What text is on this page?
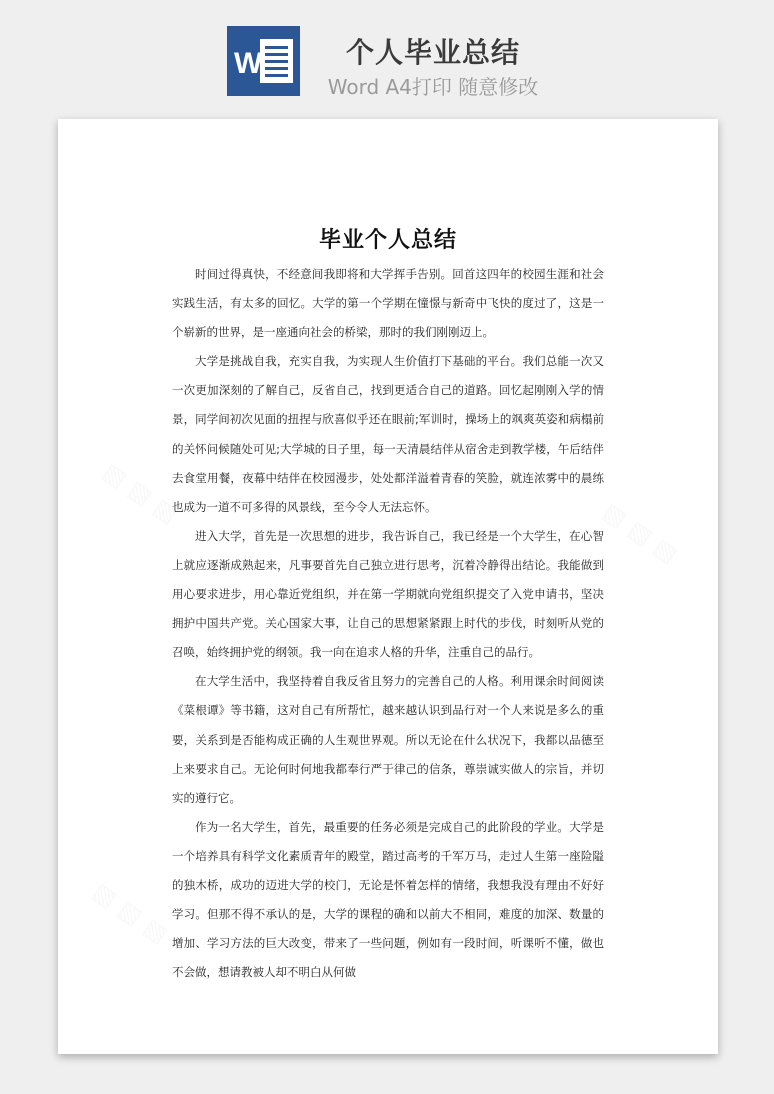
W	个人毕业总结
Word A4打印 随意修改
▧ ▧ ▧
▧ ▧ ▧
▧ ▧ ▧
毕业个人总结

时间过得真快，不经意间我即将和大学挥手告别。回首这四年的校园生涯和社会实践生活，有太多的回忆。大学的第一个学期在憧憬与新奇中飞快的度过了，这是一个崭新的世界，是一座通向社会的桥梁，那时的我们刚刚迈上。

大学是挑战自我，充实自我，为实现人生价值打下基础的平台。我们总能一次又一次更加深刻的了解自己，反省自己，找到更适合自己的道路。回忆起刚刚入学的情景，同学间初次见面的扭捏与欣喜似乎还在眼前;军训时，操场上的飒爽英姿和病榻前的关怀问候随处可见;大学城的日子里，每一天清晨结伴从宿舍走到教学楼，午后结伴去食堂用餐，夜幕中结伴在校园漫步，处处都洋溢着青春的笑脸，就连浓雾中的晨练也成为一道不可多得的风景线，至今令人无法忘怀。

进入大学，首先是一次思想的进步，我告诉自己，我已经是一个大学生，在心智上就应逐渐成熟起来，凡事要首先自己独立进行思考，沉着冷静得出结论。我能做到用心要求进步，用心靠近党组织，并在第一学期就向党组织提交了入党申请书，坚决拥护中国共产党。关心国家大事，让自己的思想紧紧跟上时代的步伐，时刻听从党的召唤，始终拥护党的纲领。我一向在追求人格的升华，注重自己的品行。

在大学生活中，我坚持着自我反省且努力的完善自己的人格。利用课余时间阅读《菜根谭》等书籍，这对自己有所帮忙，越来越认识到品行对一个人来说是多么的重要，关系到是否能构成正确的人生观世界观。所以无论在什么状况下，我都以品德至上来要求自己。无论何时何地我都奉行严于律己的信条，尊崇诚实做人的宗旨，并切实的遵行它。

作为一名大学生，首先，最重要的任务必须是完成自己的此阶段的学业。大学是一个培养具有科学文化素质青年的殿堂，踏过高考的千军万马，走过人生第一座险隘的独木桥，成功的迈进大学的校门，无论是怀着怎样的情绪，我想我没有理由不好好学习。但那不得不承认的是，大学的课程的确和以前大不相同，难度的加深、数量的增加、学习方法的巨大改变，带来了一些问题，例如有一段时间，听课听不懂，做也不会做，想请教被人却不明白从何做
